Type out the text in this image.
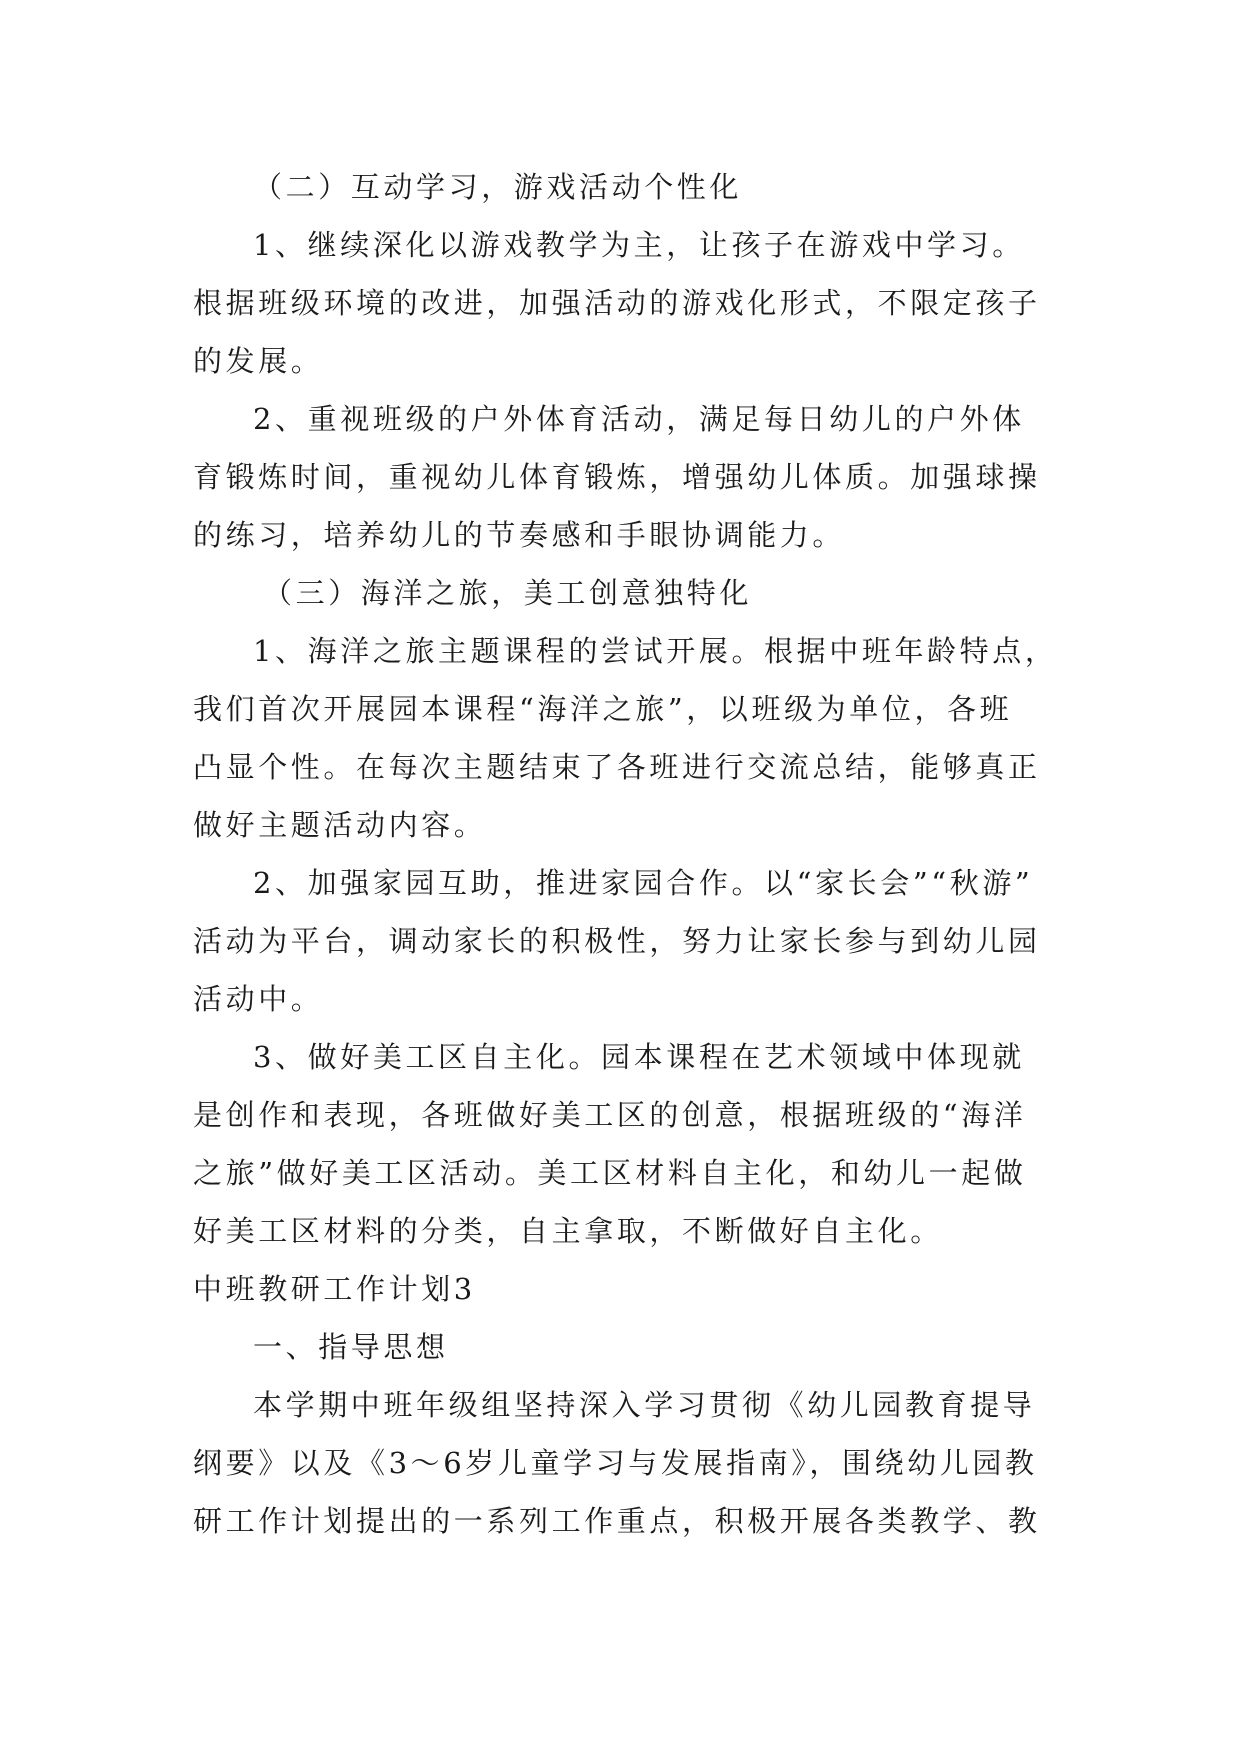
（二）互动学习，游戏活动个性化
1、继续深化以游戏教学为主，让孩子在游戏中学习。
根据班级环境的改进，加强活动的游戏化形式，不限定孩子
的发展。
2、重视班级的户外体育活动，满足每日幼儿的户外体
育锻炼时间，重视幼儿体育锻炼，增强幼儿体质。加强球操
的练习，培养幼儿的节奏感和手眼协调能力。
（三）海洋之旅，美工创意独特化
1、海洋之旅主题课程的尝试开展。根据中班年龄特点，
我们首次开展园本课程“海洋之旅”，以班级为单位，各班
凸显个性。在每次主题结束了各班进行交流总结，能够真正
做好主题活动内容。
2、加强家园互助，推进家园合作。以“家长会”“秋游”
活动为平台，调动家长的积极性，努力让家长参与到幼儿园
活动中。
3、做好美工区自主化。园本课程在艺术领域中体现就
是创作和表现，各班做好美工区的创意，根据班级的“海洋
之旅”做好美工区活动。美工区材料自主化，和幼儿一起做
好美工区材料的分类，自主拿取，不断做好自主化。
中班教研工作计划3
一、指导思想
本学期中班年级组坚持深入学习贯彻《幼儿园教育提导
纲要》以及《3～6岁儿童学习与发展指南》，围绕幼儿园教
研工作计划提出的一系列工作重点，积极开展各类教学、教
